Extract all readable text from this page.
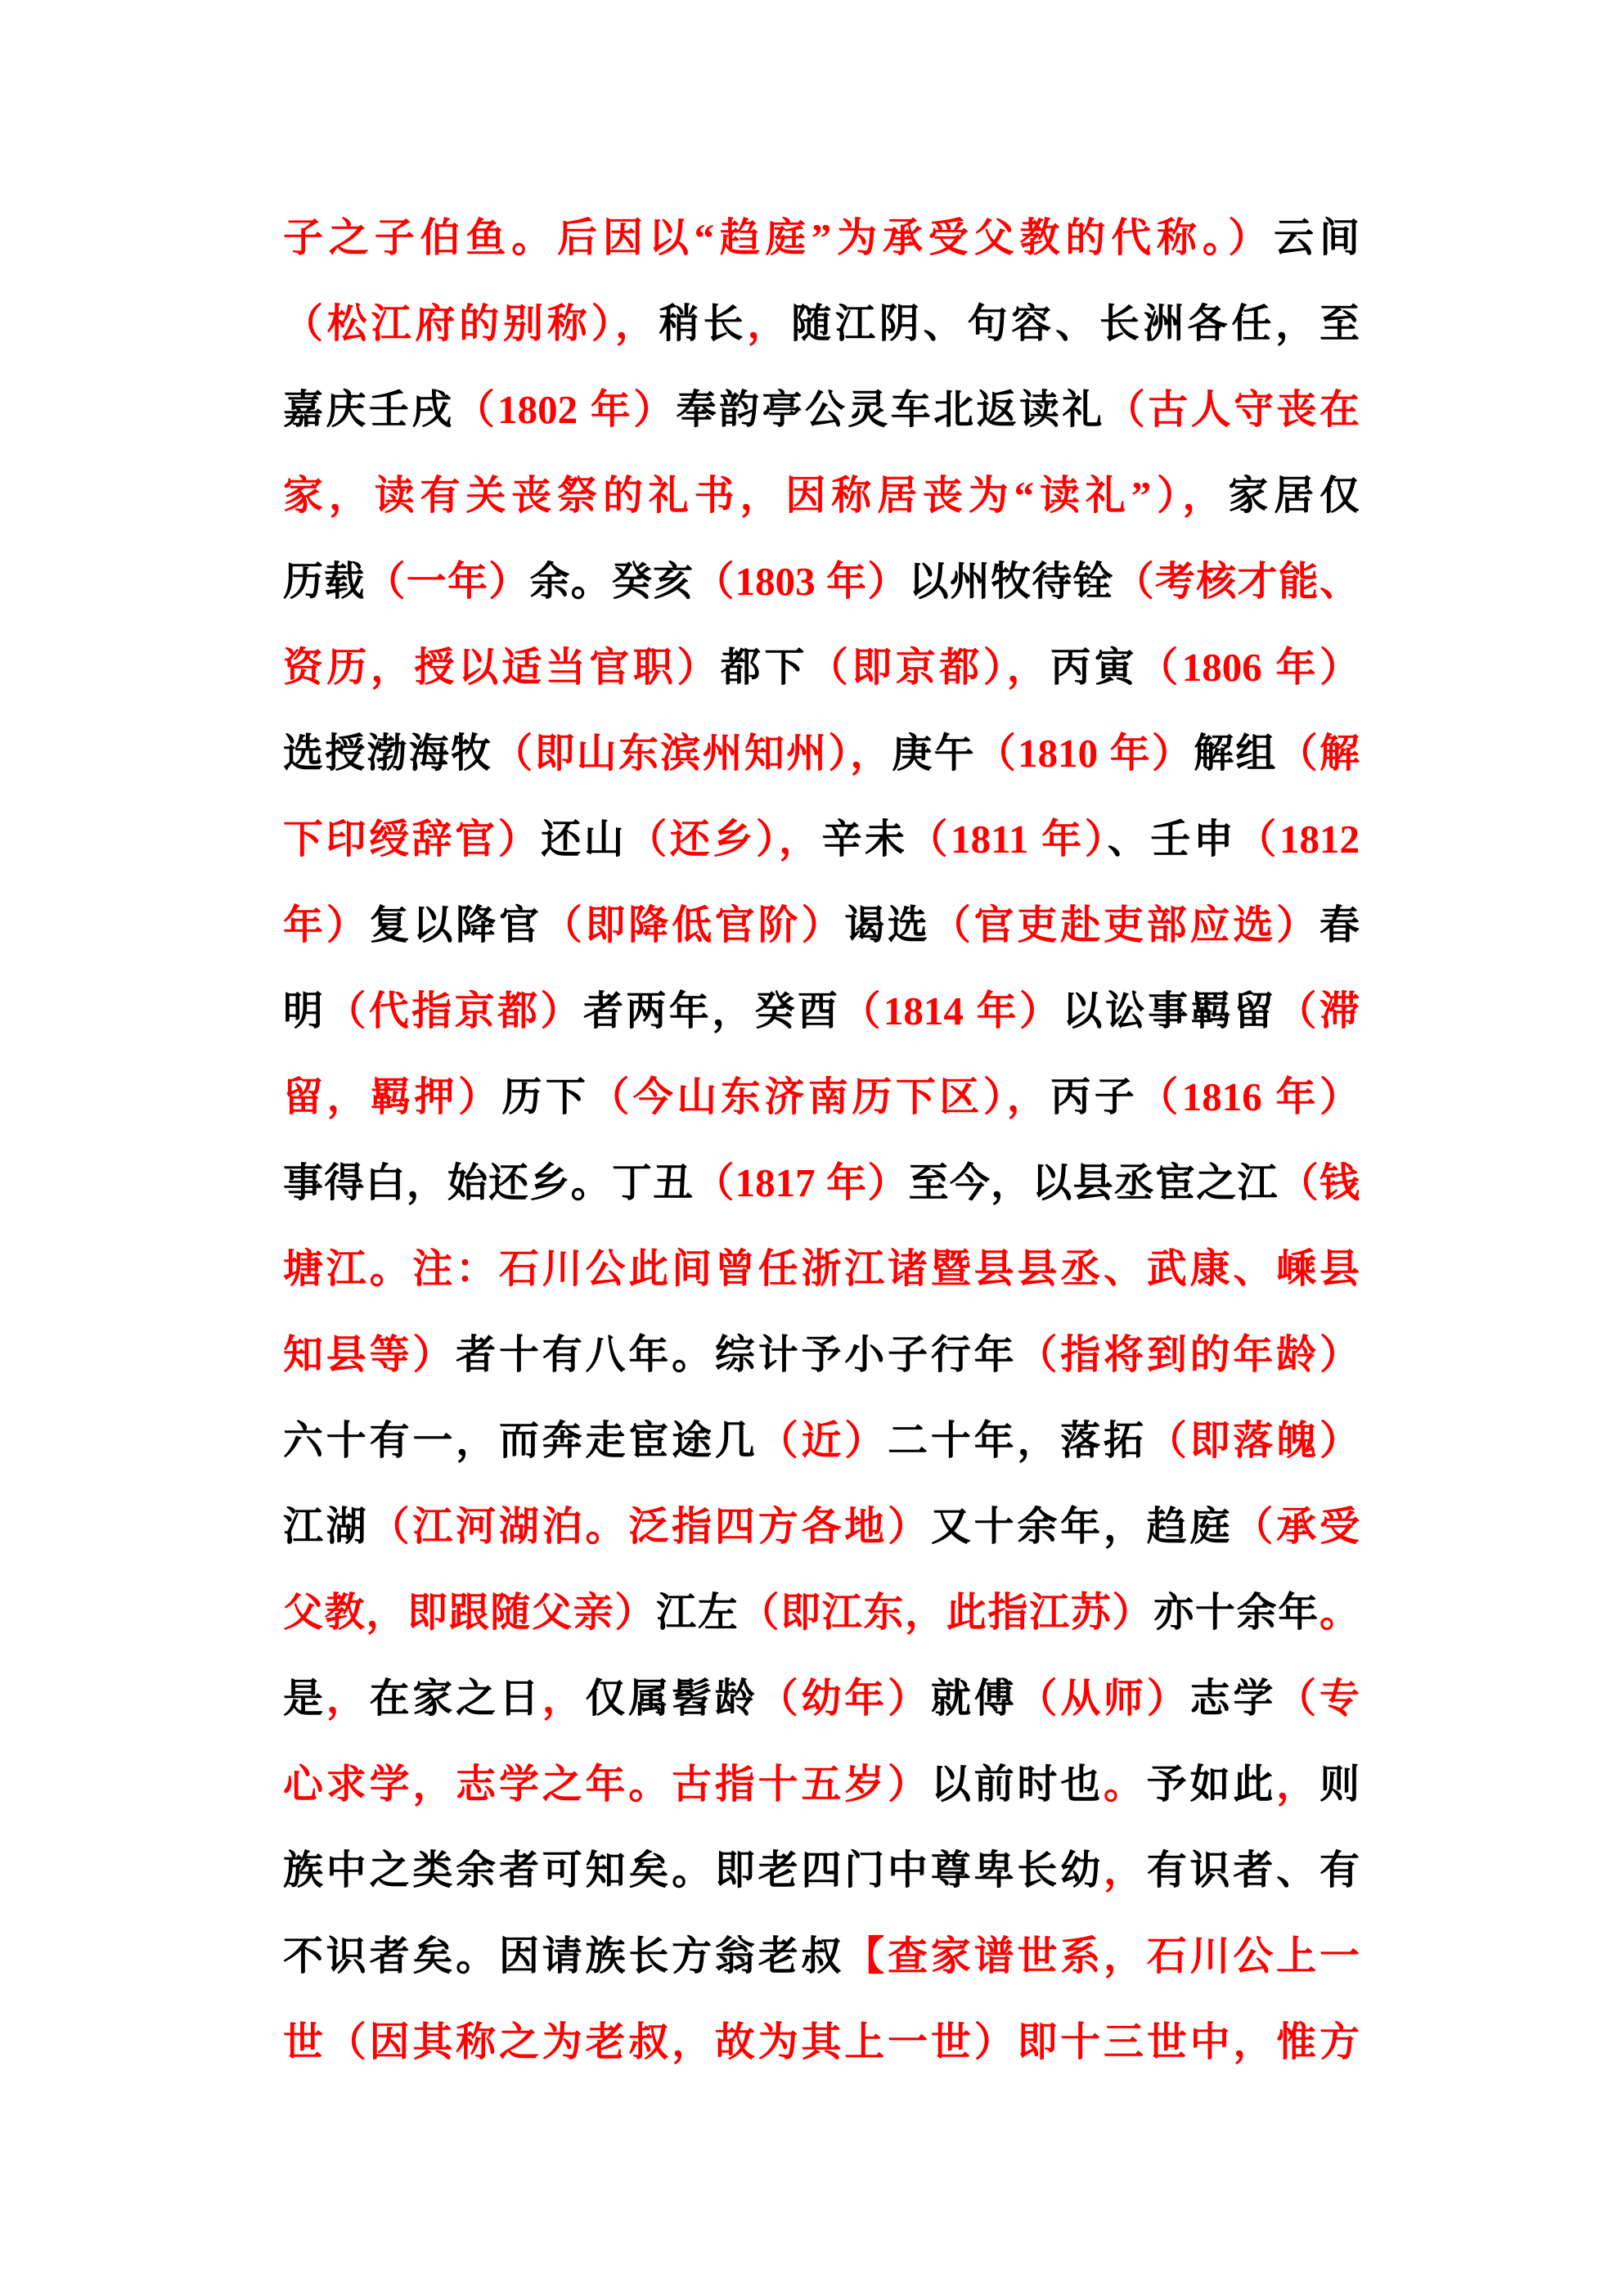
子之子伯鱼。后因以“趋庭”为承受父教的代称。）云间
（松江府的别称），稍长，随江阴、句容、长洲各任，至
嘉庆壬戌（1802 年）奉韵亭公灵车北返读礼（古人守丧在
家，读有关丧祭的礼书，因称居丧为“读礼”），家居仅
历载（一年）余。癸亥（1803 年）以州牧待铨（考核才能、
资历，授以适当官职）都下（即京都），丙寅（1806 年）
选授渤海牧（即山东滨州知州），庚午（1810 年）解组（解
下印绶辞官）还山（还乡），辛未（1811 年）、壬申（1812
年）复以降官（即降低官阶）谒选（官吏赴吏部应选）春
明（代指京都）者两年，癸酉（1814 年）以讼事羁留（滞
留，羁押）历下（今山东济南历下区），丙子（1816 年）
事得白，始还乡。丁丑（1817 年）至今，以县丞宦之江（钱
塘江。注：石川公此间曾任浙江诸暨县县丞、武康、嵊县
知县等）者十有八年。综计予小子行年（指将到的年龄）
六十有一，而奔走宦途几（近）二十年，落拓（即落魄）
江湖（江河湖泊。泛指四方各地）又十余年，趋庭（承受
父教，即跟随父亲）江左（即江东，此指江苏）亦十余年。
是，在家之日，仅属髫龄（幼年）就傅（从师）志学（专
心求学，志学之年。古指十五岁）以前时也。予如此，则
族中之类余者可知矣。即老四门中尊卑长幼，有识者、有
不识者矣。因请族长方翁老叔【查家谱世系，石川公上一
世（因其称之为老叔，故为其上一世）即十三世中，惟方
